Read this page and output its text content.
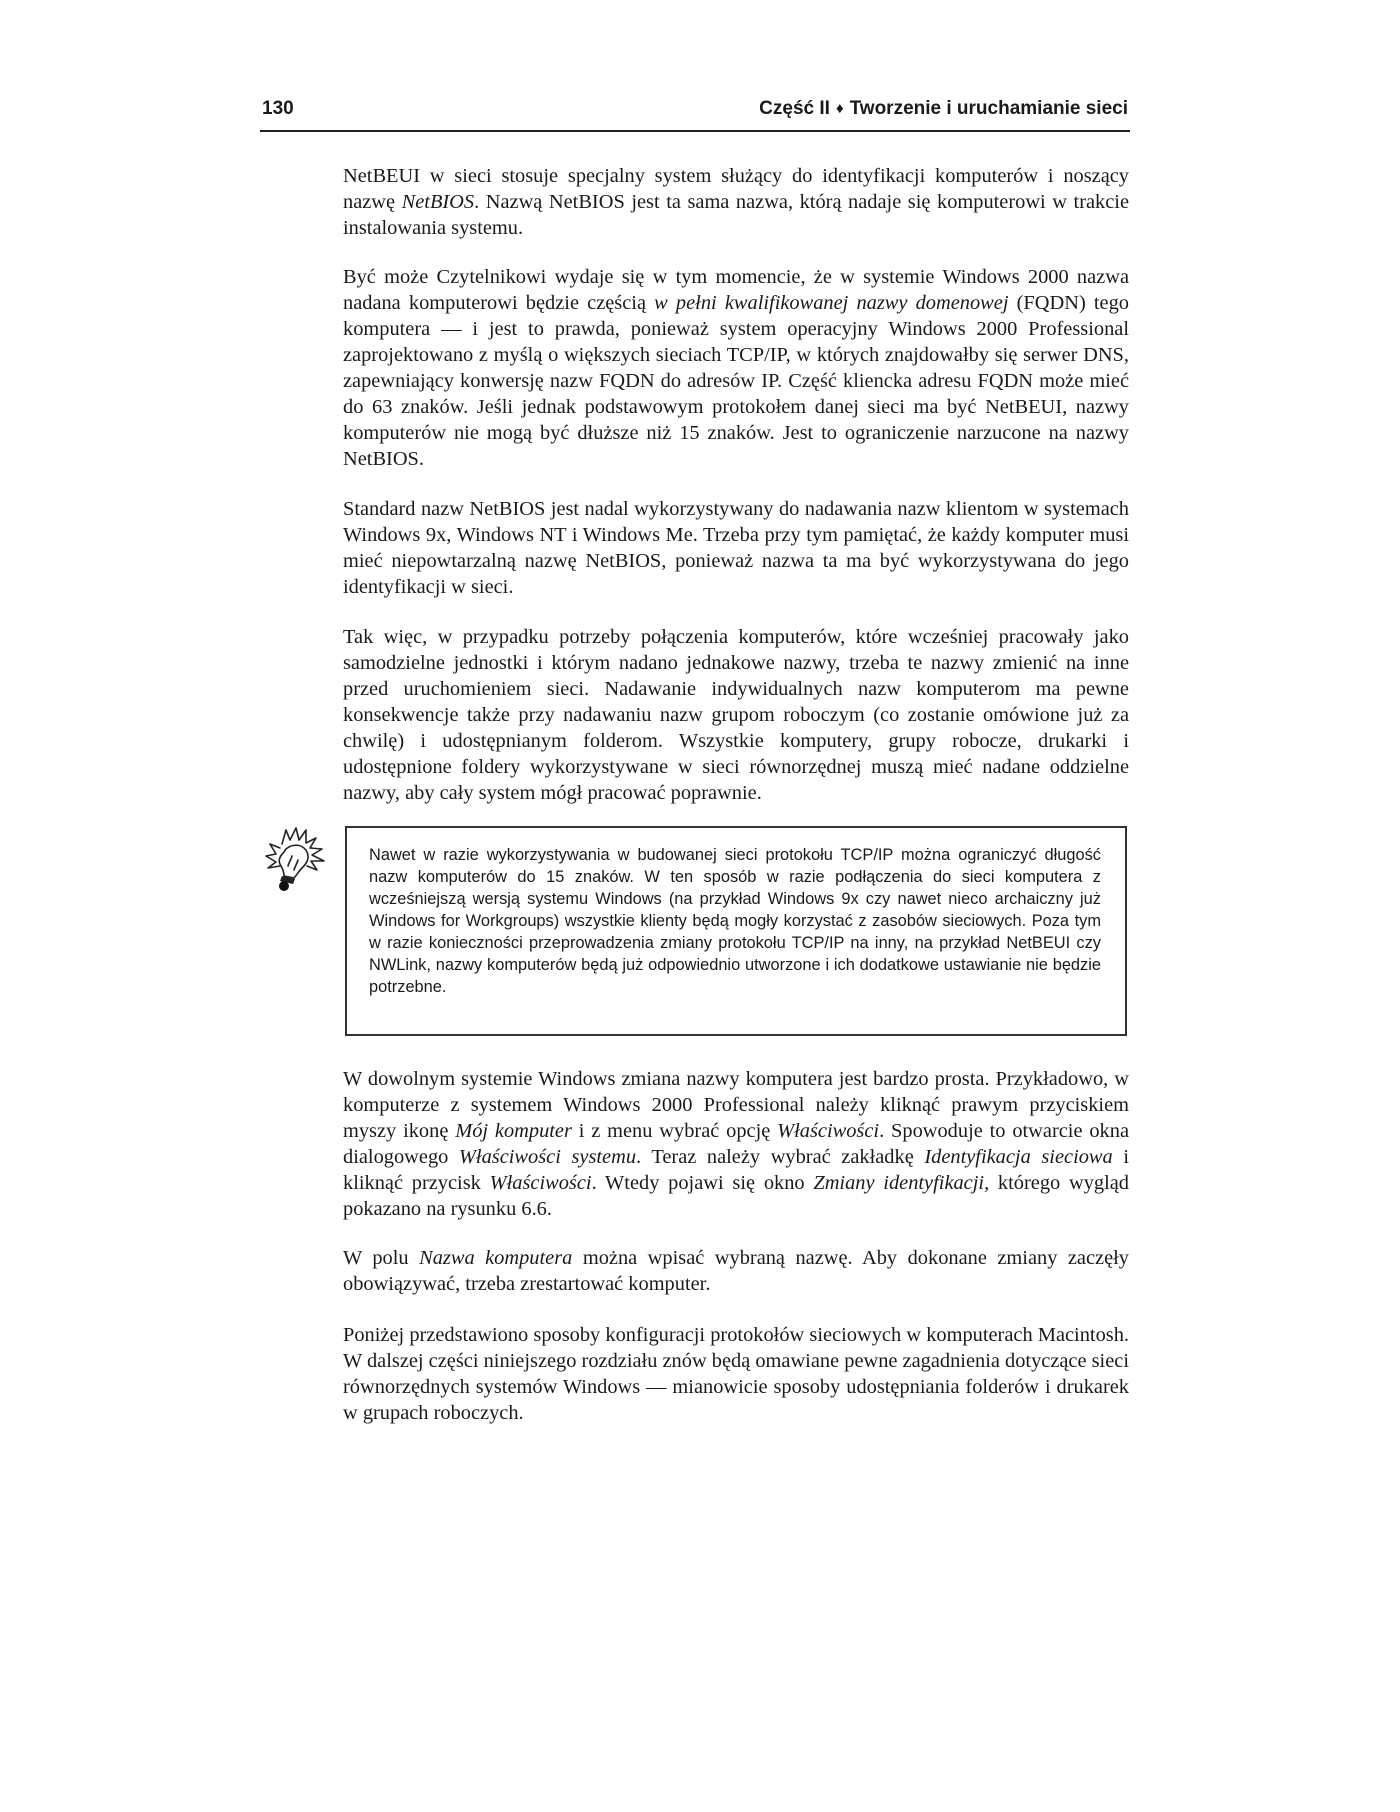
130	Część II ♦ Tworzenie i uruchamianie sieci

NetBEUI w sieci stosuje specjalny system służący do identyfikacji komputerów i noszący nazwę NetBIOS. Nazwą NetBIOS jest ta sama nazwa, którą nadaje się komputerowi w trakcie instalowania systemu.

Być może Czytelnikowi wydaje się w tym momencie, że w systemie Windows 2000 nazwa nadana komputerowi będzie częścią w pełni kwalifikowanej nazwy domenowej (FQDN) tego komputera — i jest to prawda, ponieważ system operacyjny Windows 2000 Professional zaprojektowano z myślą o większych sieciach TCP/IP, w których znajdowałby się serwer DNS, zapewniający konwersję nazw FQDN do adresów IP. Część kliencka adresu FQDN może mieć do 63 znaków. Jeśli jednak podstawowym protokołem danej sieci ma być NetBEUI, nazwy komputerów nie mogą być dłuższe niż 15 znaków. Jest to ograniczenie narzucone na nazwy NetBIOS.

Standard nazw NetBIOS jest nadal wykorzystywany do nadawania nazw klientom w systemach Windows 9x, Windows NT i Windows Me. Trzeba przy tym pamiętać, że każdy komputer musi mieć niepowtarzalną nazwę NetBIOS, ponieważ nazwa ta ma być wykorzystywana do jego identyfikacji w sieci.

Tak więc, w przypadku potrzeby połączenia komputerów, które wcześniej pracowały jako samodzielne jednostki i którym nadano jednakowe nazwy, trzeba te nazwy zmienić na inne przed uruchomieniem sieci. Nadawanie indywidualnych nazw komputerom ma pewne konsekwencje także przy nadawaniu nazw grupom roboczym (co zostanie omówione już za chwilę) i udostępnianym folderom. Wszystkie komputery, grupy robocze, drukarki i udostępnione foldery wykorzystywane w sieci równorzędnej muszą mieć nadane oddzielne nazwy, aby cały system mógł pracować poprawnie.

Nawet w razie wykorzystywania w budowanej sieci protokołu TCP/IP można ograniczyć długość nazw komputerów do 15 znaków. W ten sposób w razie podłączenia do sieci komputera z wcześniejszą wersją systemu Windows (na przykład Windows 9x czy nawet nieco archaiczny już Windows for Workgroups) wszystkie klienty będą mogły korzystać z zasobów sieciowych. Poza tym w razie konieczności przeprowadzenia zmiany protokołu TCP/IP na inny, na przykład NetBEUI czy NWLink, nazwy komputerów będą już odpowiednio utworzone i ich dodatkowe ustawianie nie będzie potrzebne.

W dowolnym systemie Windows zmiana nazwy komputera jest bardzo prosta. Przykładowo, w komputerze z systemem Windows 2000 Professional należy kliknąć prawym przyciskiem myszy ikonę Mój komputer i z menu wybrać opcję Właściwości. Spowoduje to otwarcie okna dialogowego Właściwości systemu. Teraz należy wybrać zakładkę Identyfikacja sieciowa i kliknąć przycisk Właściwości. Wtedy pojawi się okno Zmiany identyfikacji, którego wygląd pokazano na rysunku 6.6.

W polu Nazwa komputera można wpisać wybraną nazwę. Aby dokonane zmiany zaczęły obowiązywać, trzeba zrestartować komputer.

Poniżej przedstawiono sposoby konfiguracji protokołów sieciowych w komputerach Macintosh. W dalszej części niniejszego rozdziału znów będą omawiane pewne zagadnienia dotyczące sieci równorzędnych systemów Windows — mianowicie sposoby udostępniania folderów i drukarek w grupach roboczych.
